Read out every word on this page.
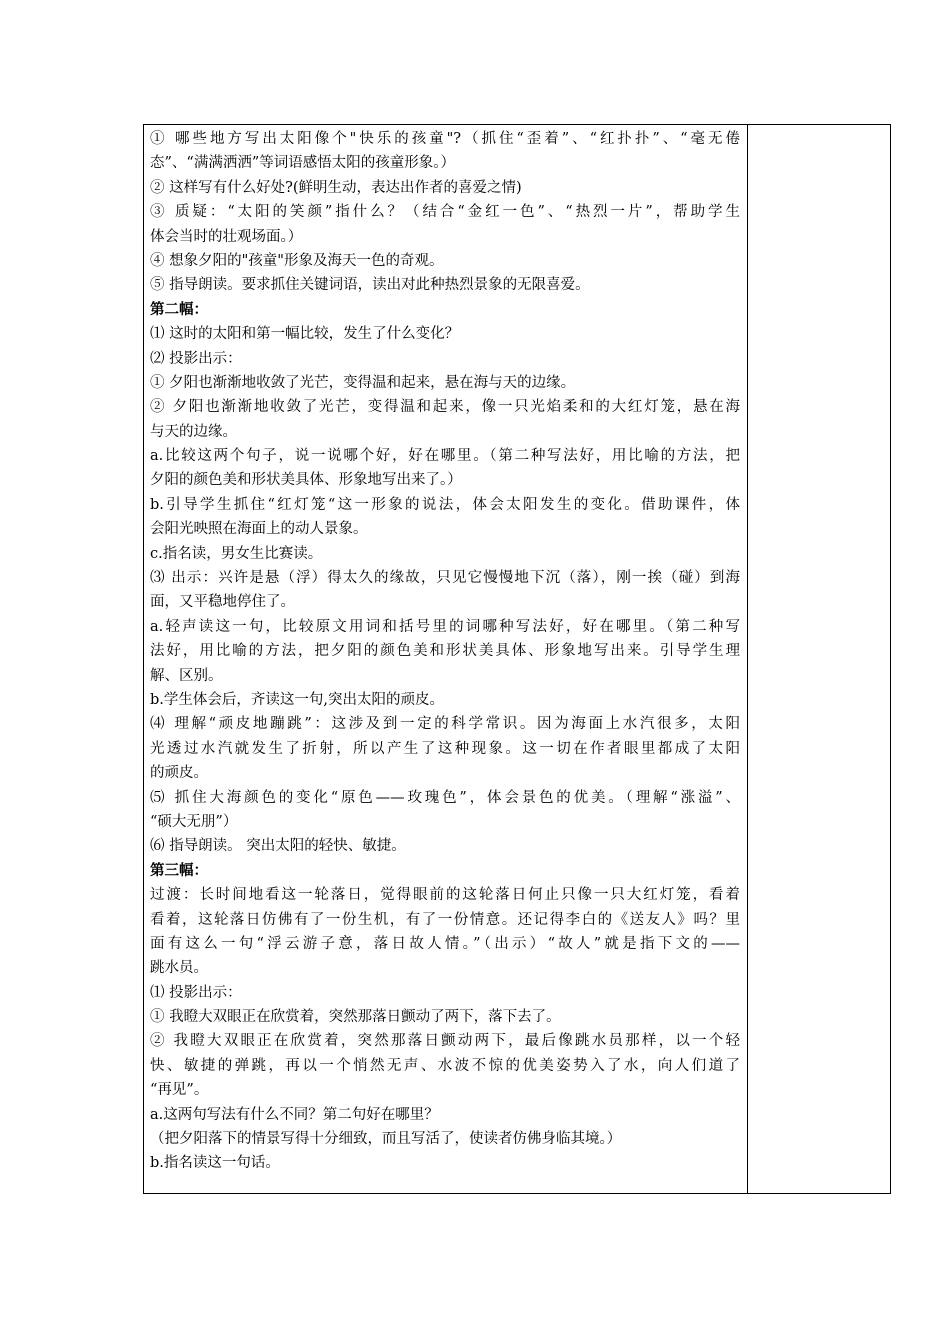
① 哪些地方写出太阳像个"快乐的孩童"?（抓住“歪着”、“红扑扑”、“毫无倦
态”、“满满洒洒”等词语感悟太阳的孩童形象。）
② 这样写有什么好处?(鲜明生动，表达出作者的喜爱之情)
③ 质疑：“太阳的笑颜”指什么？（结合“金红一色”、“热烈一片”，帮助学生
体会当时的壮观场面。）
④ 想象夕阳的"孩童"形象及海天一色的奇观。
⑤ 指导朗读。要求抓住关键词语，读出对此种热烈景象的无限喜爱。
第二幅：
⑴ 这时的太阳和第一幅比较，发生了什么变化？
⑵ 投影出示：
① 夕阳也渐渐地收敛了光芒，变得温和起来，悬在海与天的边缘。
② 夕阳也渐渐地收敛了光芒，变得温和起来，像一只光焰柔和的大红灯笼，悬在海
与天的边缘。
a.比较这两个句子，说一说哪个好，好在哪里。（第二种写法好，用比喻的方法，把
夕阳的颜色美和形状美具体、形象地写出来了。）
b.引导学生抓住“红灯笼“这一形象的说法，体会太阳发生的变化。借助课件，体
会阳光映照在海面上的动人景象。
c.指名读，男女生比赛读。
⑶ 出示：兴许是悬（浮）得太久的缘故，只见它慢慢地下沉（落），刚一挨（碰）到海
面，又平稳地停住了。
a.轻声读这一句，比较原文用词和括号里的词哪种写法好，好在哪里。（第二种写
法好，用比喻的方法，把夕阳的颜色美和形状美具体、形象地写出来。引导学生理
解、区别。
b.学生体会后，齐读这一句,突出太阳的顽皮。
⑷ 理解“顽皮地蹦跳”：这涉及到一定的科学常识。因为海面上水汽很多，太阳
光透过水汽就发生了折射，所以产生了这种现象。这一切在作者眼里都成了太阳
的顽皮。
⑸ 抓住大海颜色的变化“原色——玫瑰色”，体会景色的优美。（理解“涨溢”、
“硕大无朋”）
⑹ 指导朗读。 突出太阳的轻快、敏捷。
第三幅：
过渡：长时间地看这一轮落日，觉得眼前的这轮落日何止只像一只大红灯笼，看着
看着，这轮落日仿佛有了一份生机，有了一份情意。还记得李白的《送友人》吗？里
面有这么一句“浮云游子意，落日故人情。”（出示）“故人”就是指下文的——
跳水员。
⑴ 投影出示：
① 我瞪大双眼正在欣赏着，突然那落日颤动了两下，落下去了。
② 我瞪大双眼正在欣赏着，突然那落日颤动两下，最后像跳水员那样，以一个轻
快、敏捷的弹跳，再以一个悄然无声、水波不惊的优美姿势入了水，向人们道了
“再见”。
a.这两句写法有什么不同？第二句好在哪里？
（把夕阳落下的情景写得十分细致，而且写活了，使读者仿佛身临其境。）
b.指名读这一句话。
